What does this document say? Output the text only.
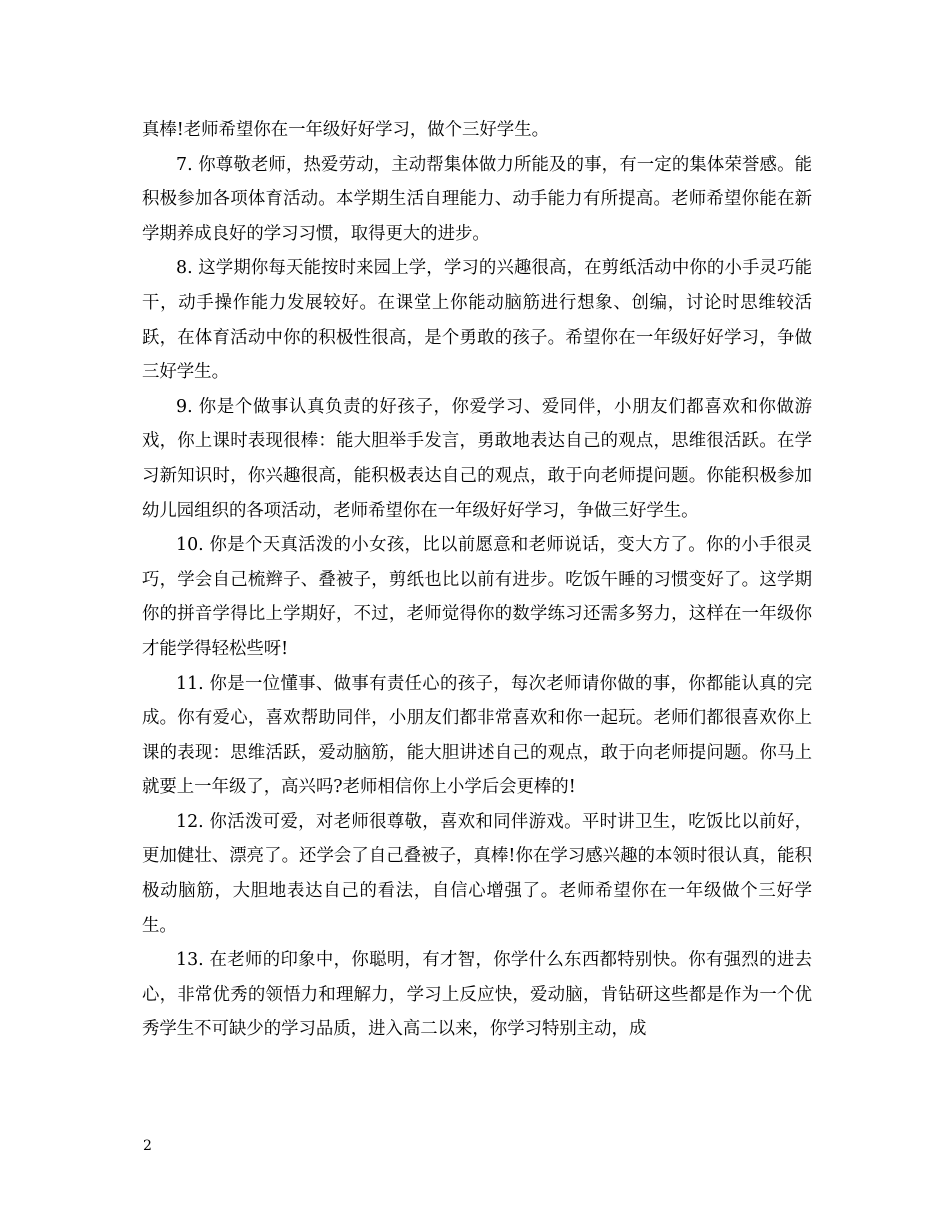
真棒!老师希望你在一年级好好学习，做个三好学生。

7. 你尊敬老师，热爱劳动，主动帮集体做力所能及的事，有一定的集体荣誉感。能积极参加各项体育活动。本学期生活自理能力、动手能力有所提高。老师希望你能在新学期养成良好的学习习惯，取得更大的进步。

8. 这学期你每天能按时来园上学，学习的兴趣很高，在剪纸活动中你的小手灵巧能干，动手操作能力发展较好。在课堂上你能动脑筋进行想象、创编，讨论时思维较活跃，在体育活动中你的积极性很高，是个勇敢的孩子。希望你在一年级好好学习，争做三好学生。

9. 你是个做事认真负责的好孩子，你爱学习、爱同伴，小朋友们都喜欢和你做游戏，你上课时表现很棒：能大胆举手发言，勇敢地表达自己的观点，思维很活跃。在学习新知识时，你兴趣很高，能积极表达自己的观点，敢于向老师提问题。你能积极参加幼儿园组织的各项活动，老师希望你在一年级好好学习，争做三好学生。

10. 你是个天真活泼的小女孩，比以前愿意和老师说话，变大方了。你的小手很灵巧，学会自己梳辫子、叠被子，剪纸也比以前有进步。吃饭午睡的习惯变好了。这学期你的拼音学得比上学期好，不过，老师觉得你的数学练习还需多努力，这样在一年级你才能学得轻松些呀!

11. 你是一位懂事、做事有责任心的孩子，每次老师请你做的事，你都能认真的完成。你有爱心，喜欢帮助同伴，小朋友们都非常喜欢和你一起玩。老师们都很喜欢你上课的表现：思维活跃，爱动脑筋，能大胆讲述自己的观点，敢于向老师提问题。你马上就要上一年级了，高兴吗?老师相信你上小学后会更棒的!

12. 你活泼可爱，对老师很尊敬，喜欢和同伴游戏。平时讲卫生，吃饭比以前好，更加健壮、漂亮了。还学会了自己叠被子，真棒!你在学习感兴趣的本领时很认真，能积极动脑筋，大胆地表达自己的看法，自信心增强了。老师希望你在一年级做个三好学生。

13. 在老师的印象中，你聪明，有才智，你学什么东西都特别快。你有强烈的进去心，非常优秀的领悟力和理解力，学习上反应快，爱动脑，肯钻研这些都是作为一个优秀学生不可缺少的学习品质，进入高二以来，你学习特别主动，成

2
